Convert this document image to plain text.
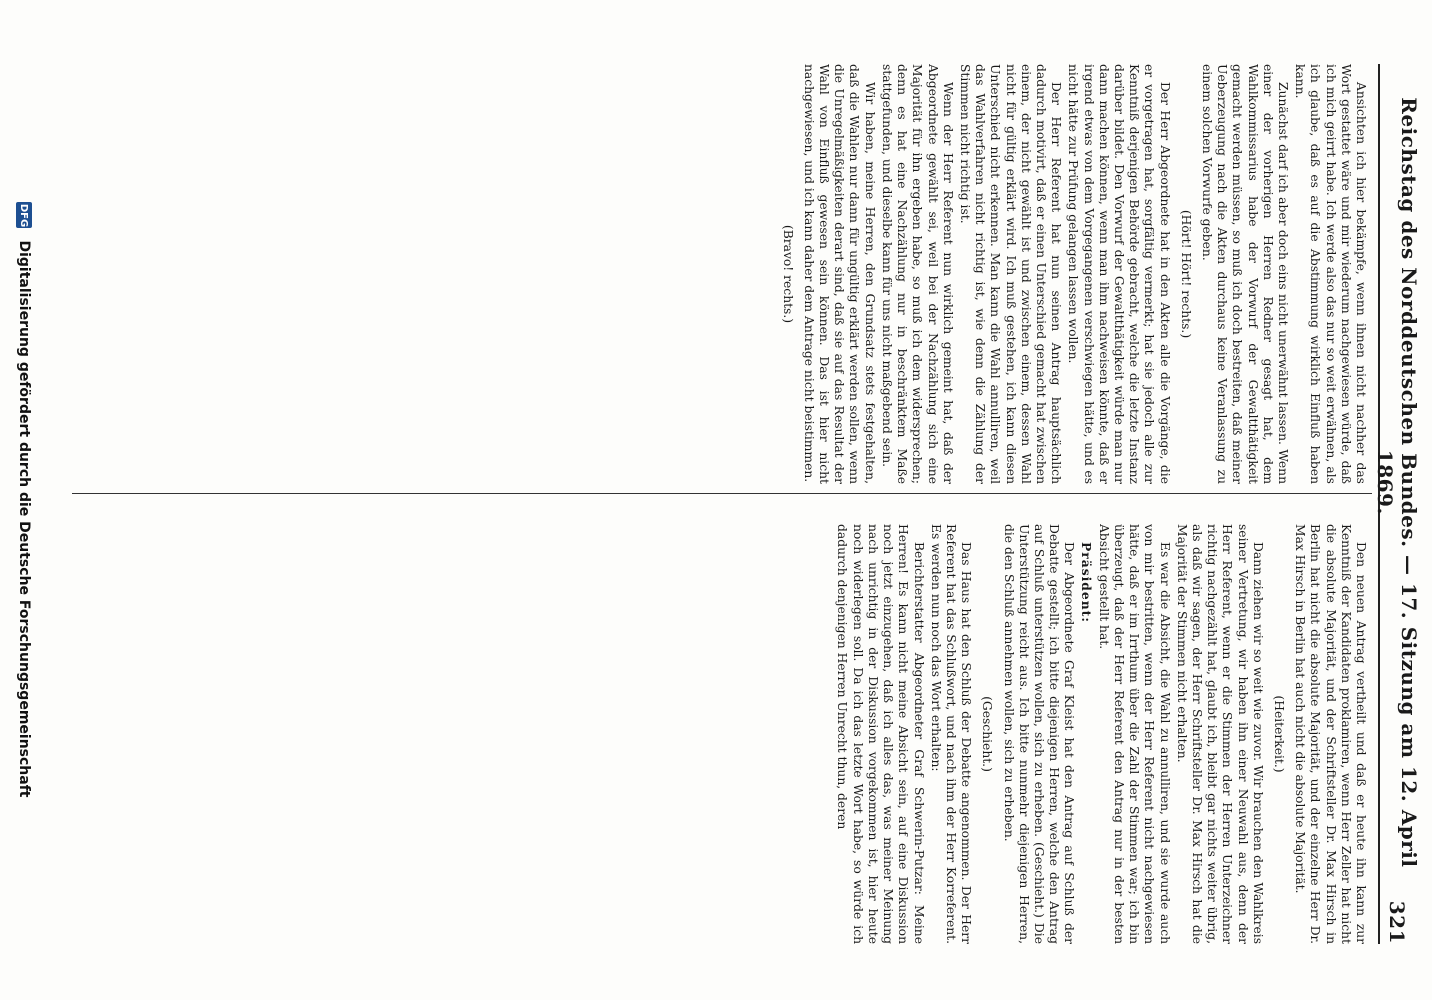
Reichstag des Norddeutschen Bundes. — 17. Sitzung am 12. April 1869.
321

Ansichten ich hier bekämpfe, wenn ihnen nicht nachher das Wort gestattet wäre und mir wiederum nachgewiesen würde, daß ich mich geirrt habe. Ich werde also das nur so weit erwähnen, als ich glaube, daß es auf die Abstimmung wirklich Einfluß haben kann.

Zunächst darf ich aber doch eins nicht unerwähnt lassen. Wenn einer der vorherigen Herren Redner gesagt hat, dem Wahlkommissarius habe der Vorwurf der Gewaltthätigkeit gemacht werden müssen, so muß ich doch bestreiten, daß meiner Ueberzeugung nach die Akten durchaus keine Veranlassung zu einem solchen Vorwurfe geben.

(Hört! Hört! rechts.)

Der Herr Abgeordnete hat in den Akten alle die Vorgänge, die er vorgetragen hat, sorgfältig vermerkt; hat sie jedoch alle zur Kenntniß derjenigen Behörde gebracht, welche die letzte Instanz darüber bildet. Den Vorwurf der Gewaltthätigkeit würde man nur dann machen können, wenn man ihm nachweisen könnte, daß er irgend etwas von dem Vorgegangenen verschwiegen hätte, und es nicht hätte zur Prüfung gelangen lassen wollen.

Der Herr Referent hat nun seinen Antrag hauptsächlich dadurch motivirt, daß er einen Unterschied gemacht hat zwischen einem, der nicht gewählt ist und zwischen einem, dessen Wahl nicht für gültig erklärt wird. Ich muß gestehen, ich kann diesen Unterschied nicht erkennen. Man kann die Wahl annulliren, weil das Wahlverfahren nicht richtig ist, wie denn die Zählung der Stimmen nicht richtig ist.

Wenn der Herr Referent nun wirklich gemeint hat, daß der Abgeordnete gewählt sei, weil bei der Nachzählung sich eine Majorität für ihn ergeben habe, so muß ich dem widersprechen; denn es hat eine Nachzählung nur in beschränktem Maße stattgefunden, und dieselbe kann für uns nicht maßgebend sein.

Wir haben, meine Herren, den Grundsatz stets festgehalten, daß die Wahlen nur dann für ungültig erklärt werden sollen, wenn die Unregelmäßigkeiten derart sind, daß sie auf das Resultat der Wahl von Einfluß gewesen sein können. Das ist hier nicht nachgewiesen, und ich kann daher dem Antrage nicht beistimmen.

(Bravo! rechts.)

Den neuen Antrag vertheilt und daß er heute ihn kann zur Kenntniß der Kandidaten proklamiren, wenn Herr Zeller hat nicht die absolute Majorität, und der Schriftsteller Dr. Max Hirsch in Berlin hat nicht die absolute Majorität, und der einzelne Herr Dr. Max Hirsch in Berlin hat auch nicht die absolute Majorität.

(Heiterkeit.)

Dann ziehen wir so weit wie zuvor. Wir brauchen den Wahlkreis seiner Vertretung, wir haben ihn einer Neuwahl aus, denn der Herr Referent, wenn er die Stimmen der Herren Unterzeichner richtig nachgezählt hat, glaubt ich, bleibt gar nichts weiter übrig, als daß wir sagen, der Herr Schriftsteller Dr. Max Hirsch hat die Majorität der Stimmen nicht erhalten.

Es war die Absicht, die Wahl zu annulliren, und sie wurde auch von mir bestritten, wenn der Herr Referent nicht nachgewiesen hätte, daß er im Irrthum über die Zahl der Stimmen war; ich bin überzeugt, daß der Herr Referent den Antrag nur in der besten Absicht gestellt hat.

Präsident:

Der Abgeordnete Graf Kleist hat den Antrag auf Schluß der Debatte gestellt; ich bitte diejenigen Herren, welche den Antrag auf Schluß unterstützen wollen, sich zu erheben. (Geschieht.) Die Unterstützung reicht aus. Ich bitte nunmehr diejenigen Herren, die den Schluß annehmen wollen, sich zu erheben.

(Geschieht.)

Das Haus hat den Schluß der Debatte angenommen. Der Herr Referent hat das Schlußwort, und nach ihm der Herr Korreferent. Es werden nun noch das Wort erhalten:

Berichterstatter Abgeordneter Graf Schwerin-Putzar: Meine Herren! Es kann nicht meine Absicht sein, auf eine Diskussion noch jetzt einzugehen, daß ich alles das, was meiner Meinung nach unrichtig in der Diskussion vorgekommen ist, hier heute noch widerlegen soll. Da ich das letzte Wort habe, so würde ich dadurch denjenigen Herren Unrecht thun, deren

DFG
Digitalisierung gefördert durch die Deutsche Forschungsgemeinschaft
